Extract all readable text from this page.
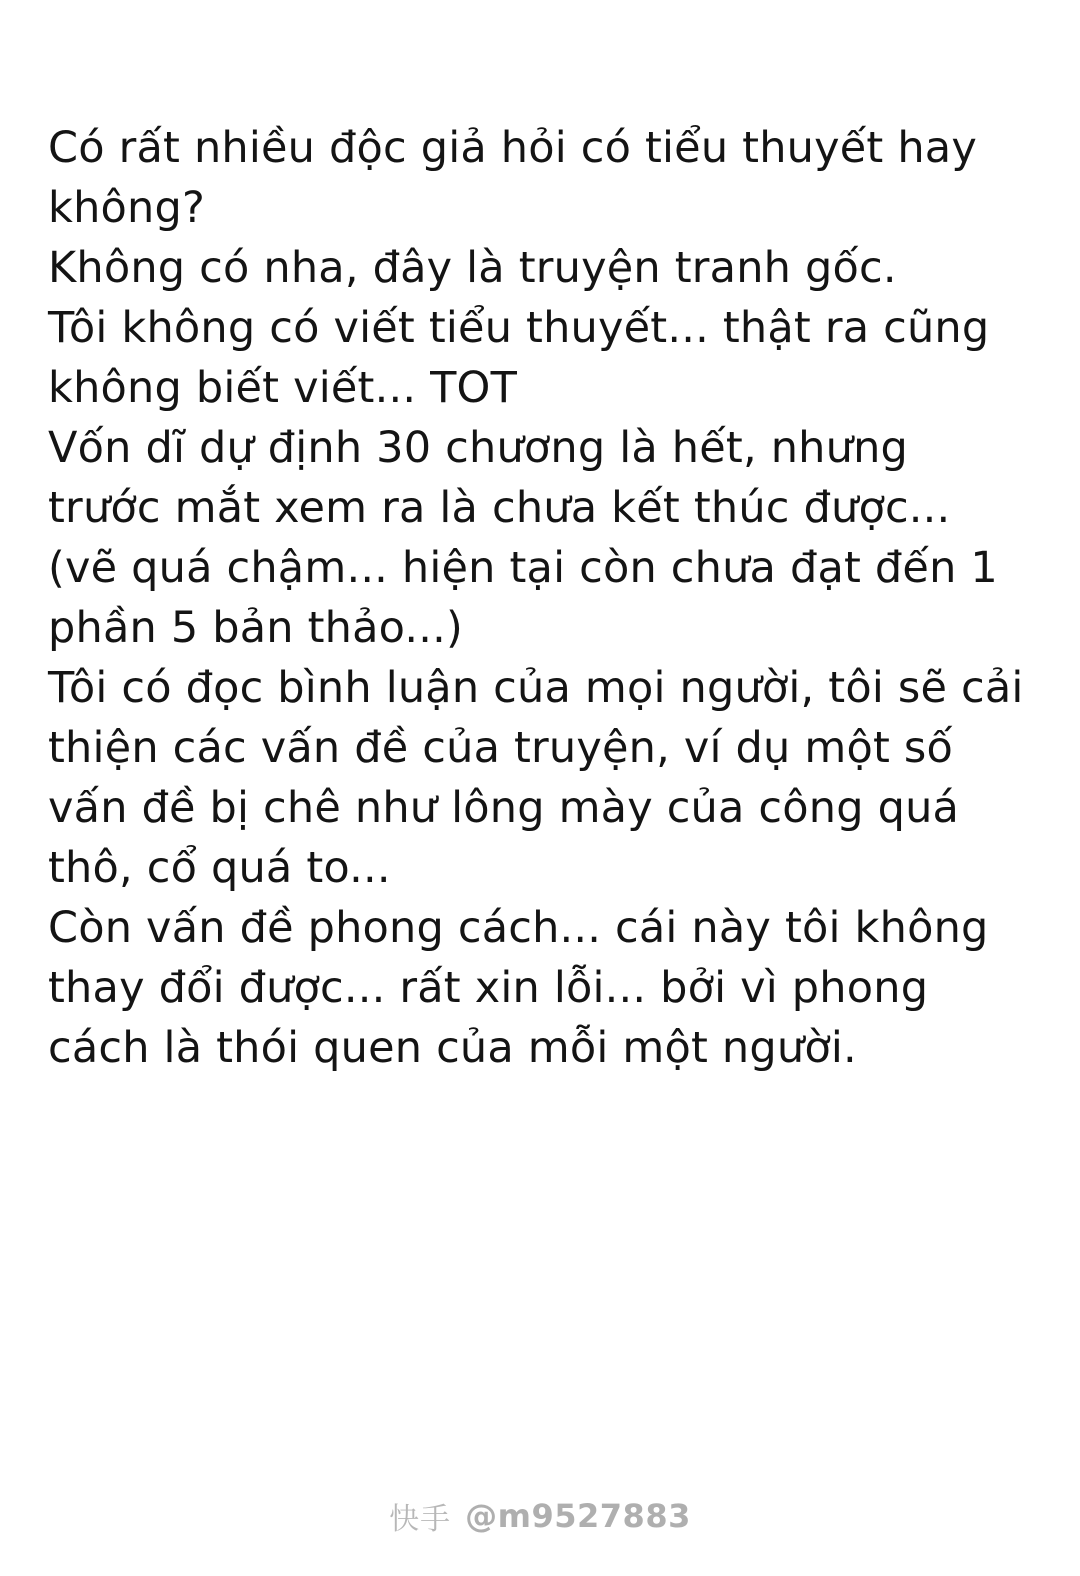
Có rất nhiều độc giả hỏi có tiểu thuyết hay không?

Không có nha, đây là truyện tranh gốc.

Tôi không có viết tiểu thuyết... thật ra cũng không biết viết... TOT

Vốn dĩ dự định 30 chương là hết, nhưng trước mắt xem ra là chưa kết thúc được... (vẽ quá chậm... hiện tại còn chưa đạt đến 1 phần 5 bản thảo...)

Tôi có đọc bình luận của mọi người, tôi sẽ cải thiện các vấn đề của truyện, ví dụ một số vấn đề bị chê như lông mày của công quá thô, cổ quá to...

Còn vấn đề phong cách... cái này tôi không thay đổi được... rất xin lỗi... bởi vì phong cách là thói quen của mỗi một người.

快手 @m9527883
